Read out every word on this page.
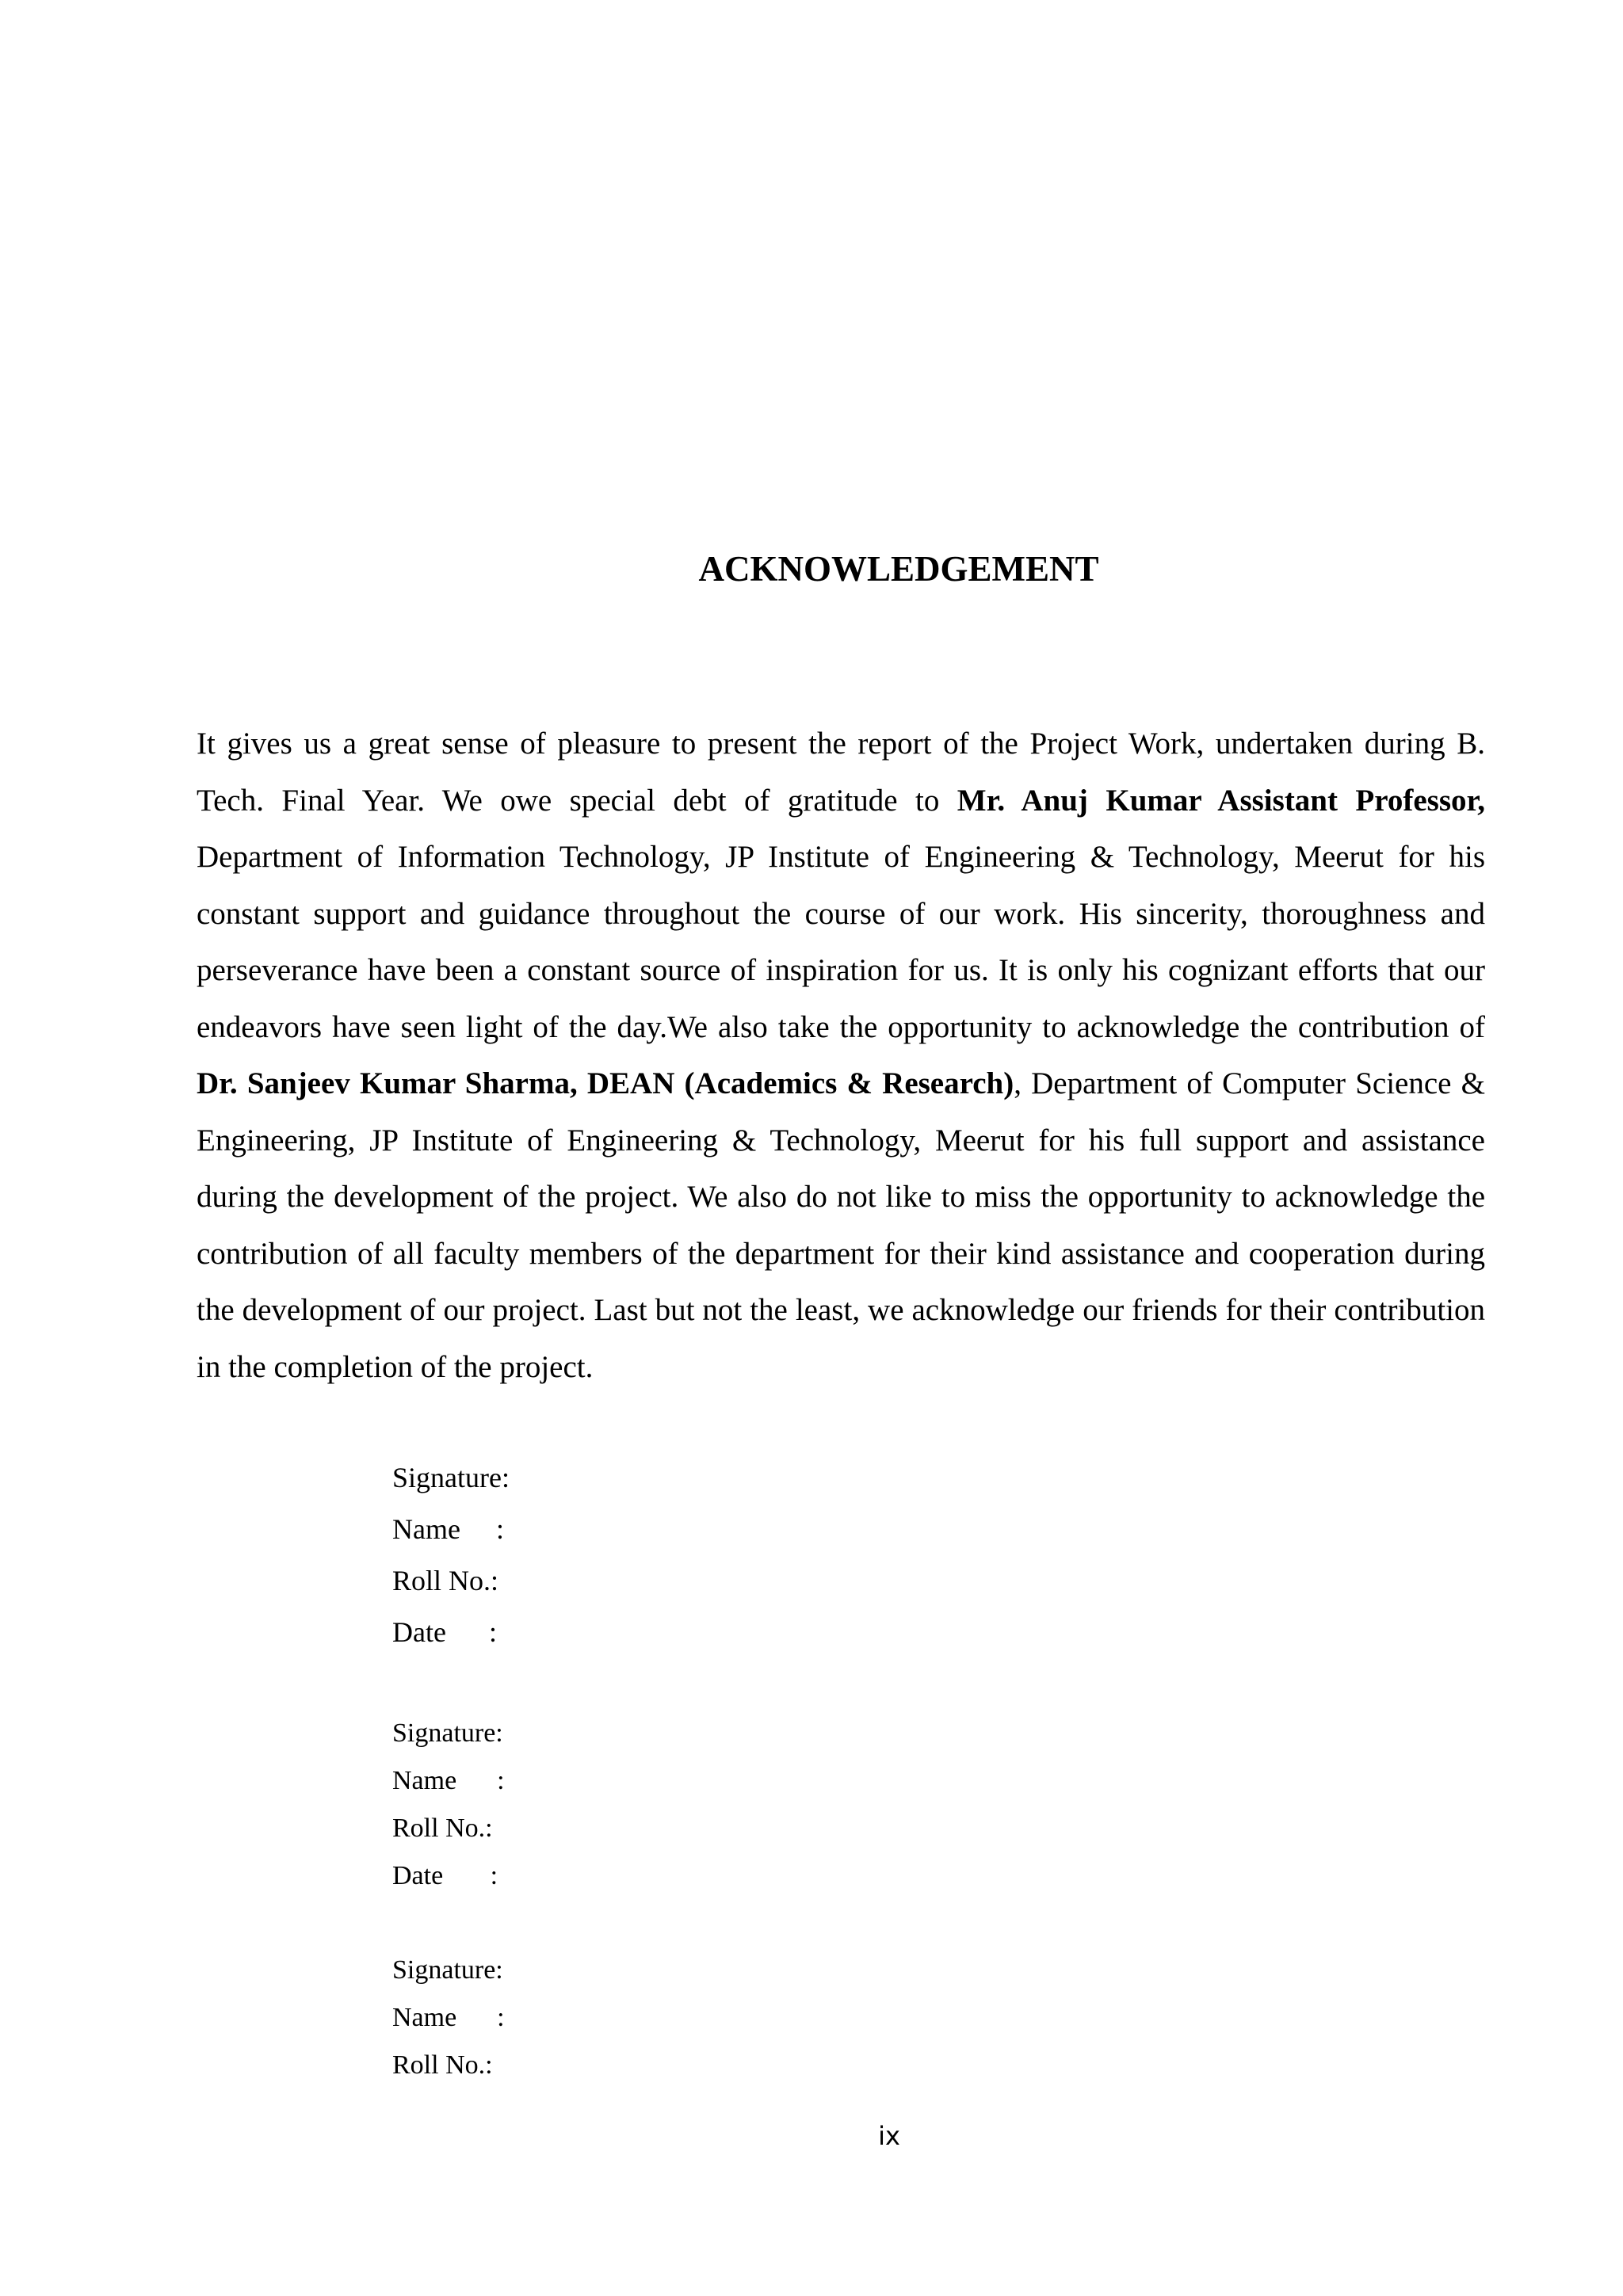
ACKNOWLEDGEMENT

It gives us a great sense of pleasure to present the report of the Project Work, undertaken during B. Tech. Final Year. We owe special debt of gratitude to Mr. Anuj Kumar Assistant Professor, Department of Information Technology, JP Institute of Engineering & Technology, Meerut for his constant support and guidance throughout the course of our work. His sincerity, thoroughness and perseverance have been a constant source of inspiration for us. It is only his cognizant efforts that our endeavors have seen light of the day.We also take the opportunity to acknowledge the contribution of Dr. Sanjeev Kumar Sharma, DEAN (Academics & Research), Department of Computer Science & Engineering, JP Institute of Engineering & Technology, Meerut for his full support and assistance during the development of the project. We also do not like to miss the opportunity to acknowledge the contribution of all faculty members of the department for their kind assistance and cooperation during the development of our project. Last but not the least, we acknowledge our friends for their contribution in the completion of the project.

Signature:
Name     :
Roll No.:
Date      :
Signature:
Name      :
Roll No.:
Date       :
Signature:
Name      :
Roll No.:
ix
